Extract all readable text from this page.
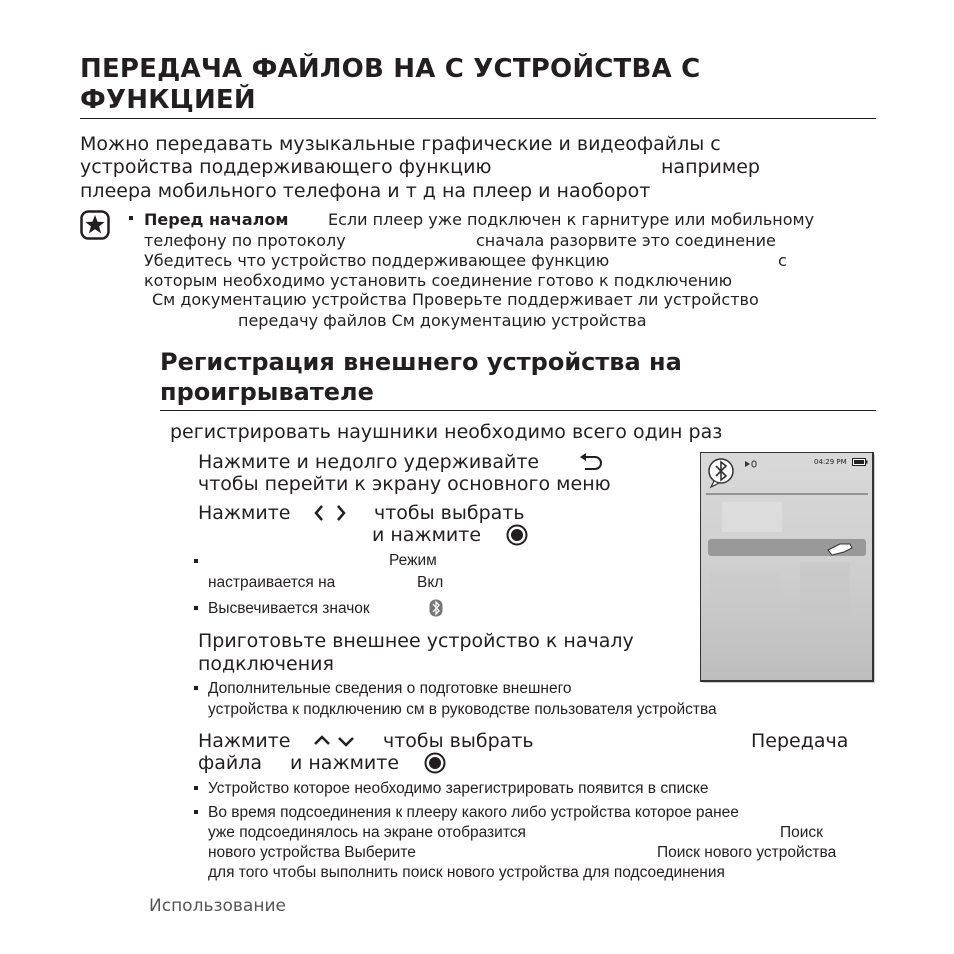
ПЕРЕДАЧА ФАЙЛОВ НА С УСТРОЙСТВА С
ФУНКЦИЕЙ
Можно передавать музыкальные графические и видеофайлы с
устройства поддерживающего функцию	например
плеера мобильного телефона и т д на плеер и наоборот
Перед началом Если плеер уже подключен к гарнитуре или мобильному
телефону по протоколу	сначала разорвите это соединение
Убедитесь что устройство поддерживающее функцию	с
которым необходимо установить соединение готово к подключению
См документацию устройства Проверьте поддерживает ли устройство
передачу файлов См документацию устройства
Регистрация внешнего устройства на
проигрывателе
регистрировать наушники необходимо всего один раз
Нажмите и недолго удерживайте
чтобы перейти к экрану основного меню
Нажмите	чтобы выбрать
и нажмите
Режим
настраивается на	Вкл
Высвечивается значок
Приготовьте внешнее устройство к началу
подключения
Дополнительные сведения о подготовке внешнего
устройства к подключению см в руководстве пользователя устройства
Нажмите	чтобы выбрать	Передача
файла и нажмите
Устройство которое необходимо зарегистрировать появится в списке
Во время подсоединения к плееру какого либо устройства которое ранее
уже подсоединялось на экране отобразится	Поиск
нового устройства Выберите	Поиск нового устройства
для того чтобы выполнить поиск нового устройства для подсоединения
04:29 PM
Использование
